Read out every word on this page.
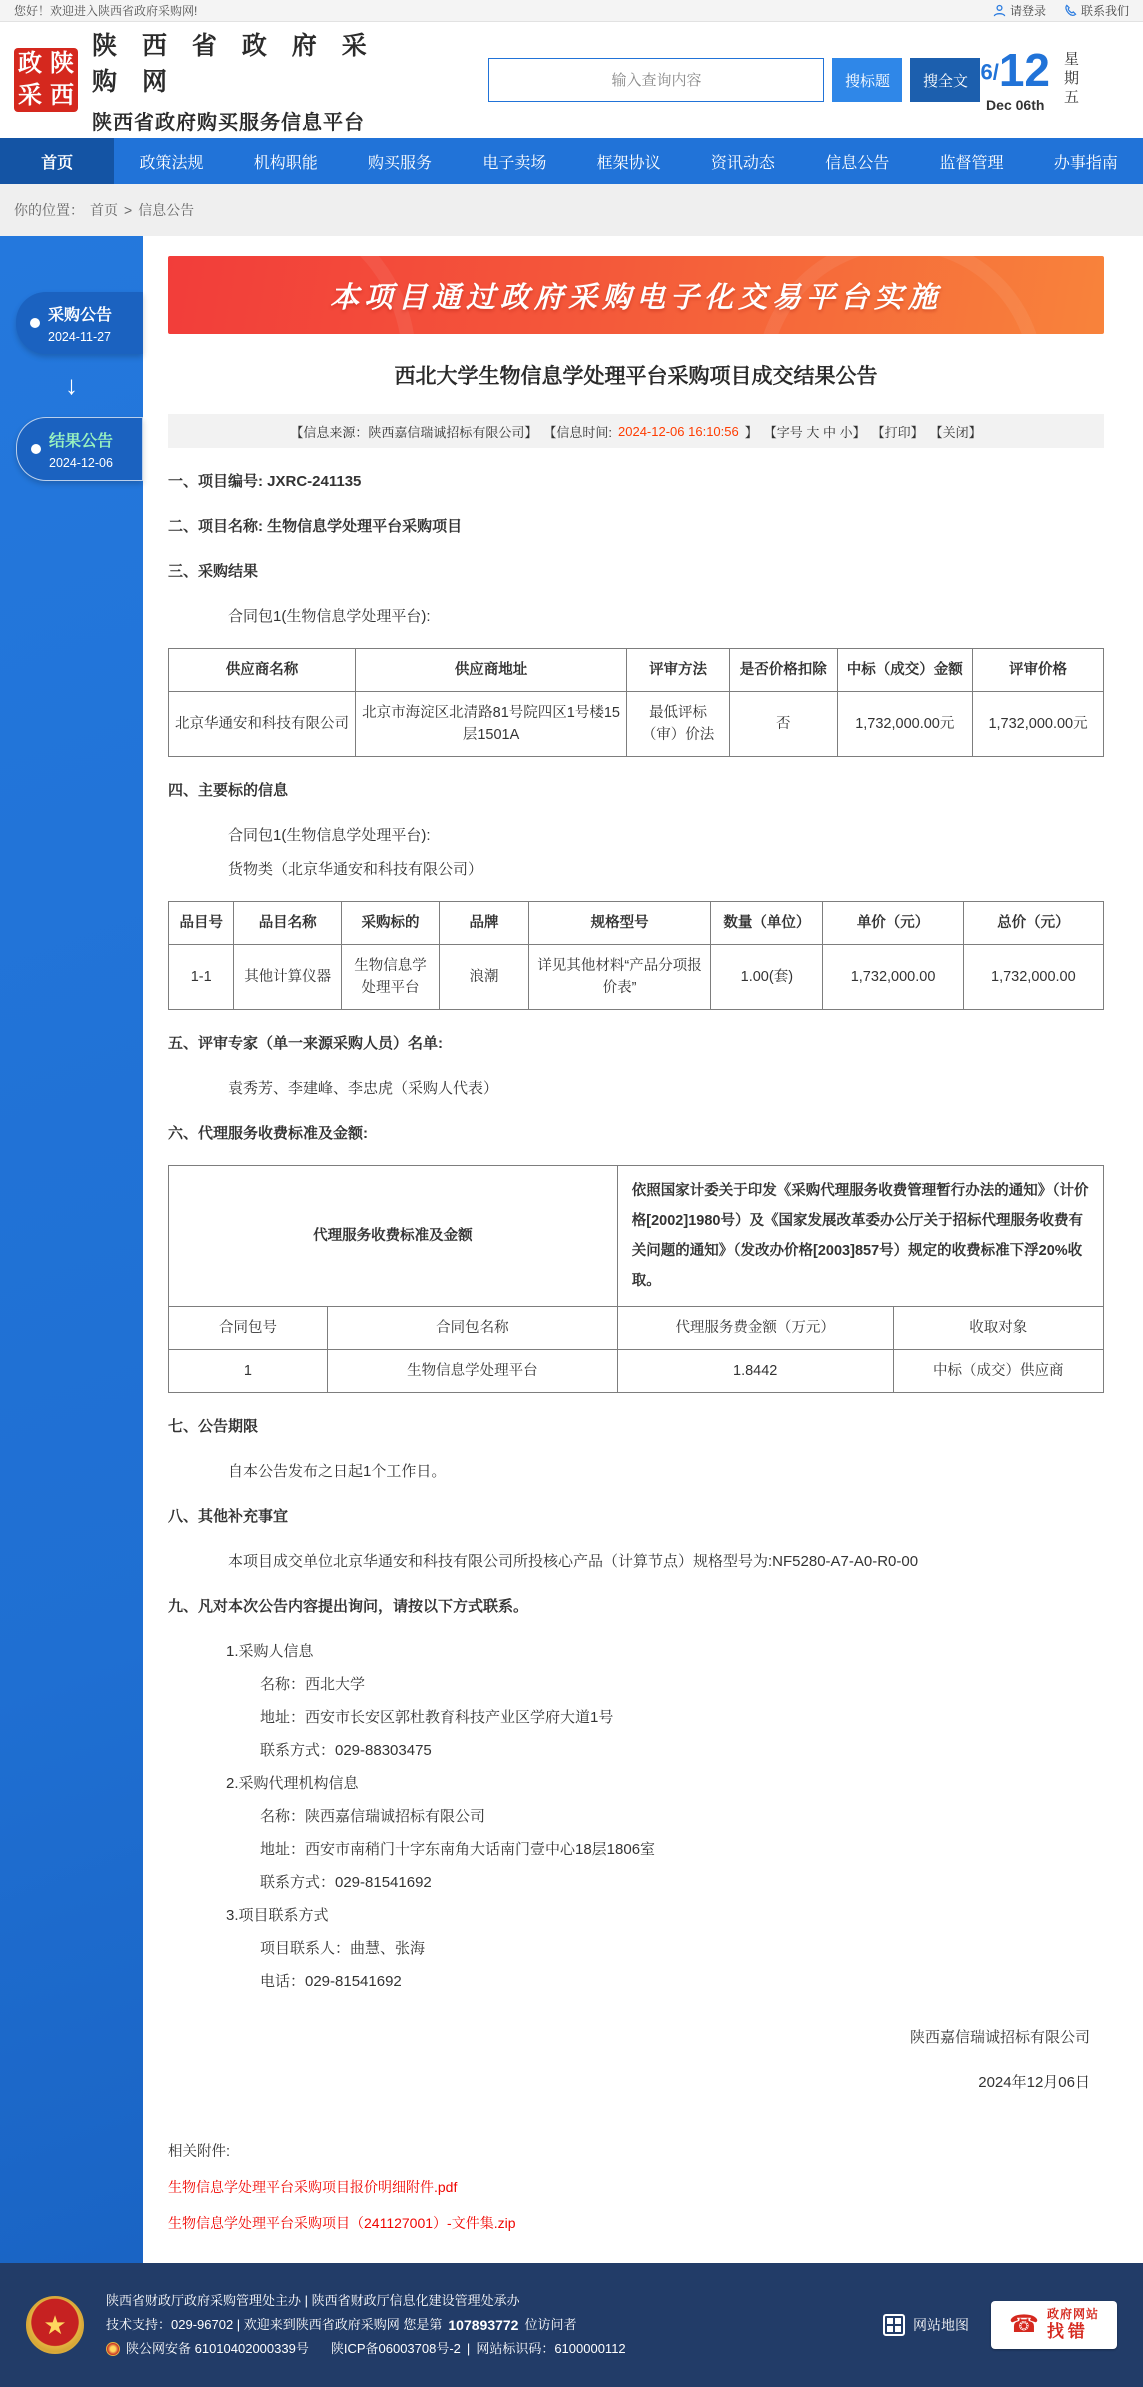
您好！欢迎进入陕西省政府采购网!	请登录	联系我们
政 陕
采 西
陕 西 省 政 府 采 购 网
陕西省政府购买服务信息平台
输入查询内容
搜标题	搜全文 6/12
Dec 06th	星期五
首页	政策法规	机构职能	购买服务	电子卖场	框架协议	资讯动态	信息公告	监督管理	办事指南
你的位置： 首页 > 信息公告
采购公告
2024-11-27
↓
结果公告
2024-12-06
本项目通过政府采购电子化交易平台实施
西北大学生物信息学处理平台采购项目成交结果公告
【信息来源：陕西嘉信瑞诚招标有限公司】 【信息时间: 2024-12-06 16:10:56 】 【字号 大 中 小】 【打印】 【关闭】
一、项目编号: JXRC-241135
二、项目名称: 生物信息学处理平台采购项目
三、采购结果
合同包1(生物信息学处理平台):
供应商名称	供应商地址	评审方法	是否价格扣除	中标（成交）金额	评审价格
北京华通安和科技有限公司	北京市海淀区北清路81号院四区1号楼15层1501A	最低评标（审）价法	否	1,732,000.00元	1,732,000.00元
四、主要标的信息
合同包1(生物信息学处理平台):
货物类（北京华通安和科技有限公司）
品目号	品目名称	采购标的	品牌	规格型号	数量（单位）	单价（元）	总价（元）
1-1	其他计算仪器	生物信息学处理平台	浪潮	详见其他材料“产品分项报价表”	1.00(套)	1,732,000.00	1,732,000.00
五、评审专家（单一来源采购人员）名单:
袁秀芳、李建峰、李忠虎（采购人代表）
六、代理服务收费标准及金额:
代理服务收费标准及金额		依照国家计委关于印发《采购代理服务收费管理暂行办法的通知》（计价格[2002]1980号）及《国家发展改革委办公厅关于招标代理服务收费有关问题的通知》（发改办价格[2003]857号）规定的收费标准下浮20%收取。	
合同包号	合同包名称	代理服务费金额（万元）	收取对象
1	生物信息学处理平台	1.8442	中标（成交）供应商
七、公告期限
自本公告发布之日起1个工作日。
八、其他补充事宜
本项目成交单位北京华通安和科技有限公司所投核心产品（计算节点）规格型号为:NF5280-A7-A0-R0-00
九、凡对本次公告内容提出询问，请按以下方式联系。
1.采购人信息
名称：西北大学
地址：西安市长安区郭杜教育科技产业区学府大道1号
联系方式：029-88303475
2.采购代理机构信息
名称：陕西嘉信瑞诚招标有限公司
地址：西安市南稍门十字东南角大话南门壹中心18层1806室
联系方式：029-81541692
3.项目联系方式
项目联系人：曲慧、张海
电话：029-81541692
陕西嘉信瑞诚招标有限公司
2024年12月06日
相关附件:
生物信息学处理平台采购项目报价明细附件.pdf
生物信息学处理平台采购项目（241127001）-文件集.zip
★
陕西省财政厅政府采购管理处主办 | 陕西省财政厅信息化建设管理处承办
技术支持：029-96702 | 欢迎来到陕西省政府采购网 您是第 107893772 位访问者
陕公网安备 61010402000339号 陕ICP备06003708号-2 | 网站标识码：6100000112
网站地图 ☎ 政府网站
找错
